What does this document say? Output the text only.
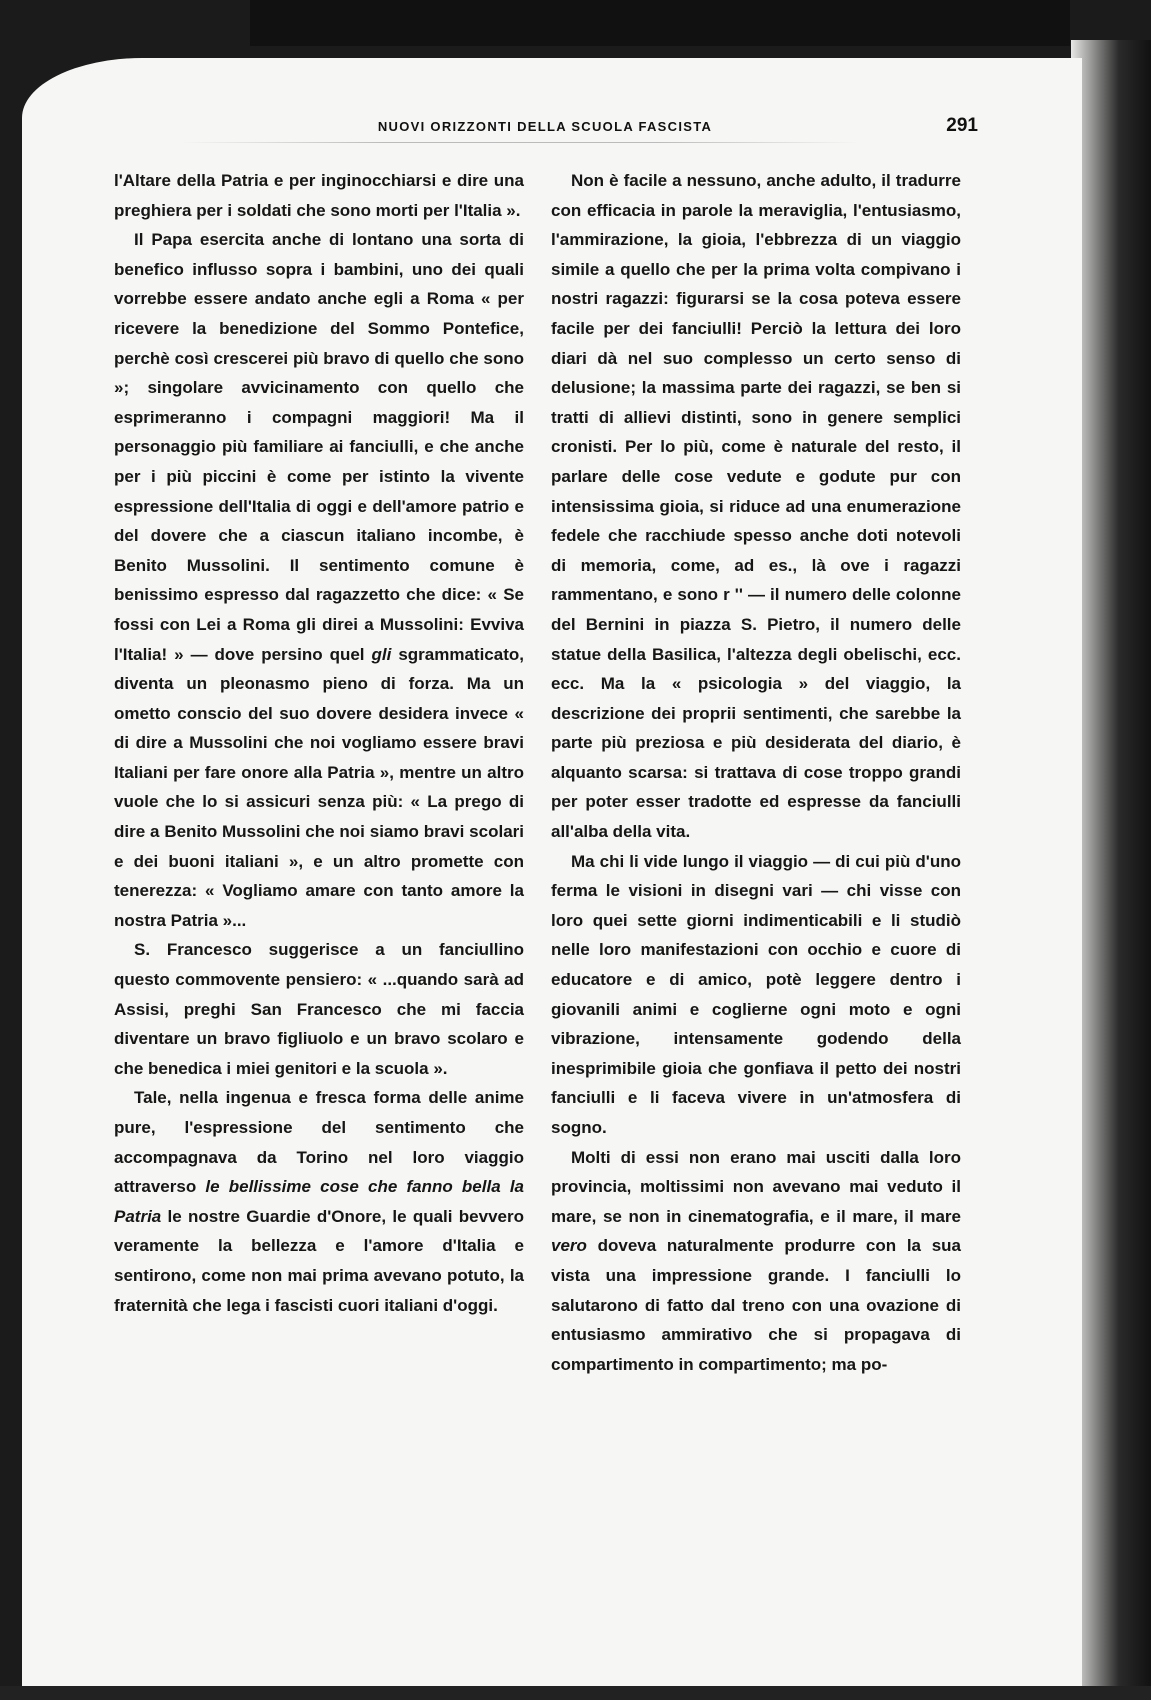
NUOVI ORIZZONTI DELLA SCUOLA FASCISTA	291

l'Altare della Patria e per inginocchiarsi e dire una preghiera per i soldati che sono morti per l'Italia ».

Il Papa esercita anche di lontano una sorta di benefico influsso sopra i bambini, uno dei quali vorrebbe essere andato anche egli a Roma « per ricevere la benedizione del Sommo Pontefice, perchè così crescerei più bravo di quello che sono »; singolare avvicinamento con quello che esprimeranno i compagni maggiori! Ma il personaggio più familiare ai fanciulli, e che anche per i più piccini è come per istinto la vivente espressione dell'Italia di oggi e dell'amore patrio e del dovere che a ciascun italiano incombe, è Benito Mussolini. Il sentimento comune è benissimo espresso dal ragazzetto che dice: « Se fossi con Lei a Roma gli direi a Mussolini: Evviva l'Italia! » — dove persino quel gli sgrammaticato, diventa un pleonasmo pieno di forza. Ma un ometto conscio del suo dovere desidera invece « di dire a Mussolini che noi vogliamo essere bravi Italiani per fare onore alla Patria », mentre un altro vuole che lo si assicuri senza più: « La prego di dire a Benito Mussolini che noi siamo bravi scolari e dei buoni italiani », e un altro promette con tenerezza: « Vogliamo amare con tanto amore la nostra Patria »...

S. Francesco suggerisce a un fanciullino questo commovente pensiero: « ...quando sarà ad Assisi, preghi San Francesco che mi faccia diventare un bravo figliuolo e un bravo scolaro e che benedica i miei genitori e la scuola ».

Tale, nella ingenua e fresca forma delle anime pure, l'espressione del sentimento che accompagnava da Torino nel loro viaggio attraverso le bellissime cose che fanno bella la Patria le nostre Guardie d'Onore, le quali bevvero veramente la bellezza e l'amore d'Italia e sentirono, come non mai prima avevano potuto, la fraternità che lega i fascisti cuori italiani d'oggi.

Non è facile a nessuno, anche adulto, il tradurre con efficacia in parole la meraviglia, l'entusiasmo, l'ammirazione, la gioia, l'ebbrezza di un viaggio simile a quello che per la prima volta compivano i nostri ragazzi: figurarsi se la cosa poteva essere facile per dei fanciulli! Perciò la lettura dei loro diari dà nel suo complesso un certo senso di delusione; la massima parte dei ragazzi, se ben si tratti di allievi distinti, sono in genere semplici cronisti. Per lo più, come è naturale del resto, il parlare delle cose vedute e godute pur con intensissima gioia, si riduce ad una enumerazione fedele che racchiude spesso anche doti notevoli di memoria, come, ad es., là ove i ragazzi rammentano, e sono r '' — il numero delle colonne del Bernini in piazza S. Pietro, il numero delle statue della Basilica, l'altezza degli obelischi, ecc. ecc. Ma la « psicologia » del viaggio, la descrizione dei proprii sentimenti, che sarebbe la parte più preziosa e più desiderata del diario, è alquanto scarsa: si trattava di cose troppo grandi per poter esser tradotte ed espresse da fanciulli all'alba della vita.

Ma chi li vide lungo il viaggio — di cui più d'uno ferma le visioni in disegni vari — chi visse con loro quei sette giorni indimenticabili e li studiò nelle loro manifestazioni con occhio e cuore di educatore e di amico, potè leggere dentro i giovanili animi e coglierne ogni moto e ogni vibrazione, intensamente godendo della inesprimibile gioia che gonfiava il petto dei nostri fanciulli e li faceva vivere in un'atmosfera di sogno.

Molti di essi non erano mai usciti dalla loro provincia, moltissimi non avevano mai veduto il mare, se non in cinematografia, e il mare, il mare vero doveva naturalmente produrre con la sua vista una impressione grande. I fanciulli lo salutarono di fatto dal treno con una ovazione di entusiasmo ammirativo che si propagava di compartimento in compartimento; ma po-
